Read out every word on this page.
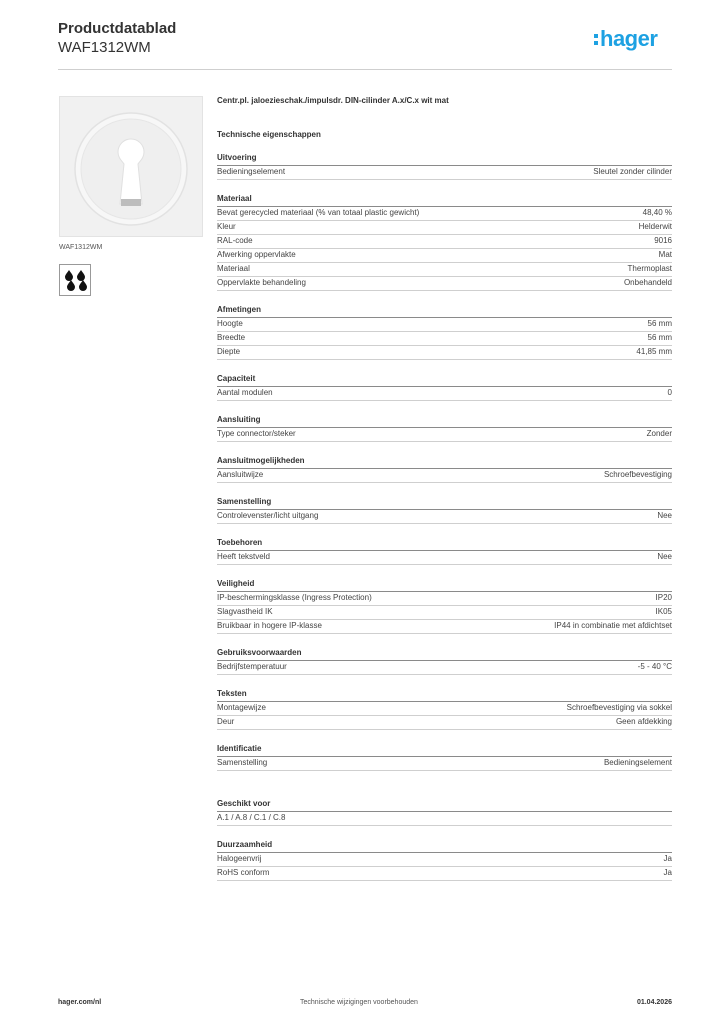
Productdatablad
WAF1312WM	hager
WAF1312WM
Centr.pl. jaloezieschak./impulsdr. DIN-cilinder A.x/C.x wit mat
Technische eigenschappen
Uitvoering
Bedieningselement	Sleutel zonder cilinder
Materiaal
Bevat gerecycled materiaal (% van totaal plastic gewicht)	48,40 %
Kleur	Helderwit
RAL-code	9016
Afwerking oppervlakte	Mat
Materiaal	Thermoplast
Oppervlakte behandeling	Onbehandeld
Afmetingen
Hoogte	56 mm
Breedte	56 mm
Diepte	41,85 mm
Capaciteit
Aantal modulen	0
Aansluiting
Type connector/steker	Zonder
Aansluitmogelijkheden
Aansluitwijze	Schroefbevestiging
Samenstelling
Controlevenster/licht uitgang	Nee
Toebehoren
Heeft tekstveld	Nee
Veiligheid
IP-beschermingsklasse (Ingress Protection)	IP20
Slagvastheid IK	IK05
Bruikbaar in hogere IP-klasse	IP44 in combinatie met afdichtset
Gebruiksvoorwaarden
Bedrijfstemperatuur	-5 - 40 °C
Teksten
Montagewijze	Schroefbevestiging via sokkel
Deur	Geen afdekking
Identificatie
Samenstelling	Bedieningselement
Geschikt voor
A.1 / A.8 / C.1 / C.8
Duurzaamheid
Halogeenvrij	Ja
RoHS conform	Ja
hager.com/nl	Technische wijzigingen voorbehouden	01.04.2026
